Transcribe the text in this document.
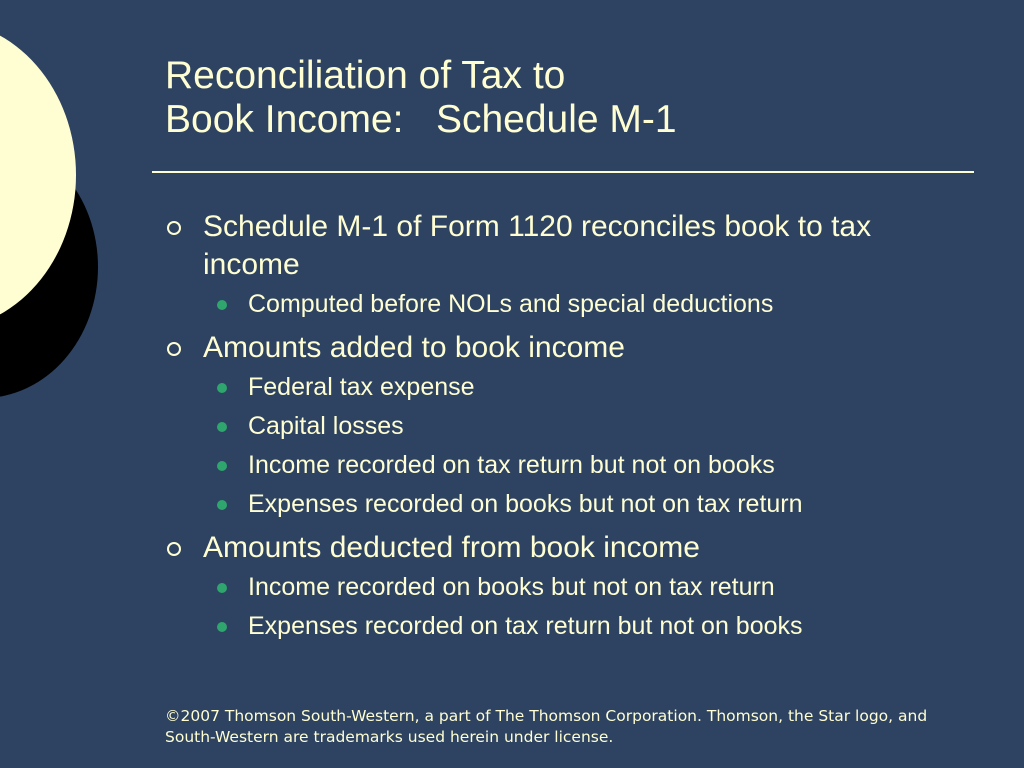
Reconciliation of Tax to
Book Income:   Schedule M-1
Schedule M-1 of Form 1120 reconciles book to tax income
Computed before NOLs and special deductions
Amounts added to book income
Federal tax expense
Capital losses
Income recorded on tax return but not on books
Expenses recorded on books but not on tax return
Amounts deducted from book income
Income recorded on books but not on tax return
Expenses recorded on tax return but not on books

©2007 Thomson South-Western, a part of The Thomson Corporation. Thomson, the Star logo, and South-Western are trademarks used herein under license.
